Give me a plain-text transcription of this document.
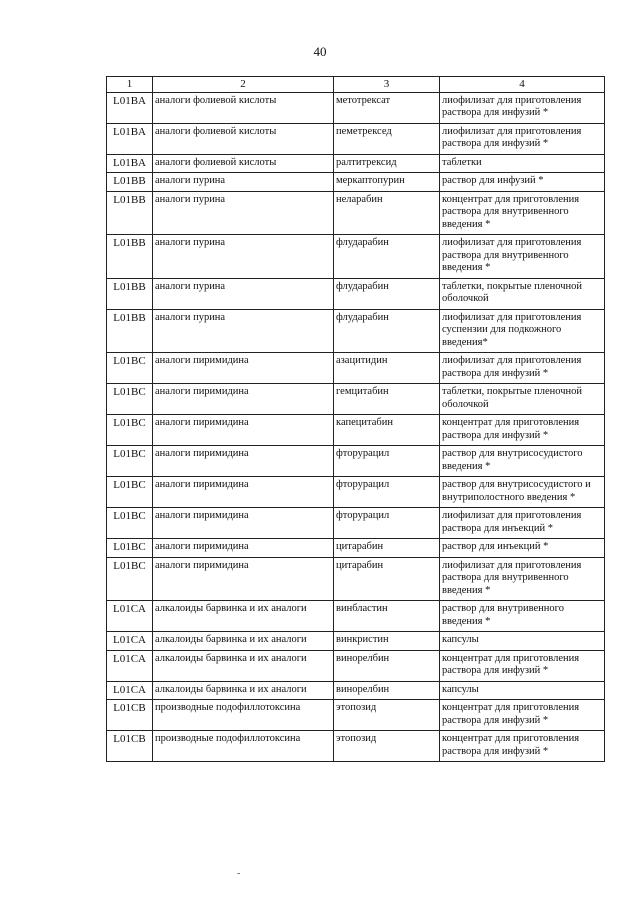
40
1	2	3	4
L01BA	аналоги фолиевой кислоты	метотрексат	лиофилизат для приготовления раствора для инфузий *
L01BA	аналоги фолиевой кислоты	пеметрексед	лиофилизат для приготовления раствора для инфузий *
L01BA	аналоги фолиевой кислоты	ралтитрексид	таблетки
L01BB	аналоги пурина	меркаптопурин	раствор для инфузий *
L01BB	аналоги пурина	неларабин	концентрат для приготовления раствора для внутривенного введения *
L01BB	аналоги пурина	флударабин	лиофилизат для приготовления раствора для внутривенного введения *
L01BB	аналоги пурина	флударабин	таблетки, покрытые пленочной оболочкой
L01BB	аналоги пурина	флударабин	лиофилизат для приготовления суспензии для подкожного введения*
L01BC	аналоги пиримидина	азацитидин	лиофилизат для приготовления раствора для инфузий *
L01BC	аналоги пиримидина	гемцитабин	таблетки, покрытые пленочной оболочкой
L01BC	аналоги пиримидина	капецитабин	концентрат для приготовления раствора для инфузий *
L01BC	аналоги пиримидина	фторурацил	раствор для внутрисосудистого введения *
L01BC	аналоги пиримидина	фторурацил	раствор для внутрисосудистого и внутриполостного введения *
L01BC	аналоги пиримидина	фторурацил	лиофилизат для приготовления раствора для инъекций *
L01BC	аналоги пиримидина	цитарабин	раствор для инъекций *
L01BC	аналоги пиримидина	цитарабин	лиофилизат для приготовления раствора для внутривенного введения *
L01CA	алкалоиды барвинка и их аналоги	винбластин	раствор для внутривенного введения *
L01CA	алкалоиды барвинка и их аналоги	винкристин	капсулы
L01CA	алкалоиды барвинка и их аналоги	винорелбин	концентрат для приготовления раствора для инфузий *
L01CA	алкалоиды барвинка и их аналоги	винорелбин	капсулы
L01CB	производные подофиллотоксина	этопозид	концентрат для приготовления раствора для инфузий *
L01CB	производные подофиллотоксина	этопозид	концентрат для приготовления раствора для инфузий *
-
